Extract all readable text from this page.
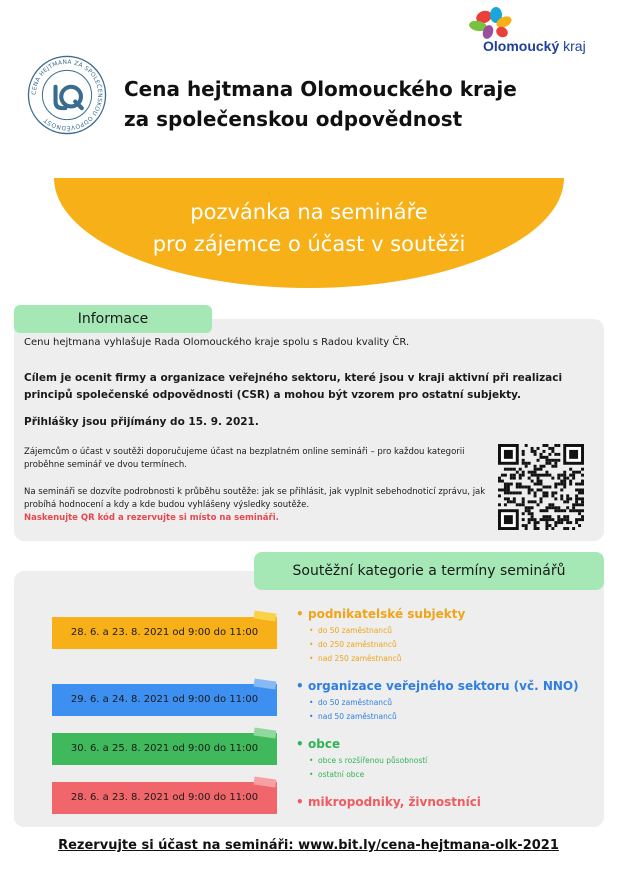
CENA HEJTMANA ZA SPOLEČENSKOU ODPOVĚDNOST
Cena hejtmana Olomouckého kraje
za společenskou odpovědnost
Olomoucký kraj
pozvánka na semináře
pro zájemce o účast v soutěži
Informace
Cenu hejtmana vyhlašuje Rada Olomouckého kraje spolu s Radou kvality ČR.
Cílem je ocenit firmy a organizace veřejného sektoru, které jsou v kraji aktivní při realizaci principů společenské odpovědnosti (CSR) a mohou být vzorem pro ostatní subjekty.
Přihlášky jsou přijímány do 15. 9. 2021.
Zájemcům o účast v soutěži doporučujeme účast na bezplatném online semináři – pro každou kategorii proběhne seminář ve dvou termínech.
Na semináři se dozvíte podrobnosti k průběhu soutěže: jak se přihlásit, jak vyplnit sebehodnoticí zprávu, jak probíhá hodnocení a kdy a kde budou vyhlášeny výsledky soutěže.
Naskenujte QR kód a rezervujte si místo na semináři.
Soutěžní kategorie a termíny seminářů
28. 6. a 23. 8. 2021 od 9:00 do 11:00
29. 6. a 24. 8. 2021 od 9:00 do 11:00
30. 6. a 25. 8. 2021 od 9:00 do 11:00
28. 6. a 23. 8. 2021 od 9:00 do 11:00
• podnikatelské subjekty
• do 50 zaměstnanců
• do 250 zaměstnanců
• nad 250 zaměstnanců
• organizace veřejného sektoru (vč. NNO)
• do 50 zaměstnanců
• nad 50 zaměstnanců
• obce
• obce s rozšířenou působností
• ostatní obce
• mikropodniky, živnostníci
Rezervujte si účast na semináři: www.bit.ly/cena-hejtmana-olk-2021
